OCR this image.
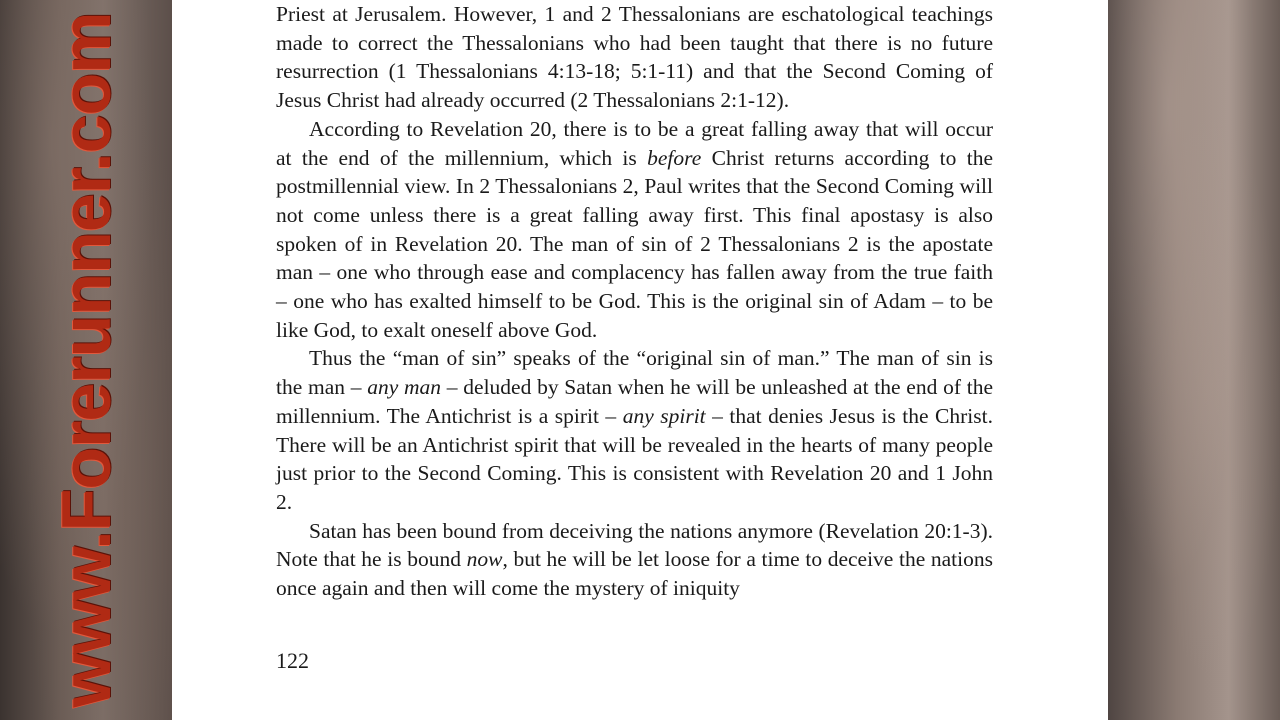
www.Forerunner.com	Priest at Jerusalem. However, 1 and 2 Thessalonians are eschatological teachings made to correct the Thessalonians who had been taught that there is no future resurrection (1 Thessalonians 4:13-18; 5:1-11) and that the Second Coming of Jesus Christ had already occurred (2 Thessalonians 2:1-12).

According to Revelation 20, there is to be a great falling away that will occur at the end of the millennium, which is before Christ returns according to the postmillennial view. In 2 Thessalonians 2, Paul writes that the Second Coming will not come unless there is a great falling away first. This final apostasy is also spoken of in Revelation 20. The man of sin of 2 Thessalonians 2 is the apostate man – one who through ease and complacency has fallen away from the true faith – one who has exalted himself to be God. This is the original sin of Adam – to be like God, to exalt oneself above God.

Thus the “man of sin” speaks of the “original sin of man.” The man of sin is the man – any man – deluded by Satan when he will be unleashed at the end of the millennium. The Antichrist is a spirit – any spirit – that denies Jesus is the Christ. There will be an Antichrist spirit that will be revealed in the hearts of many people just prior to the Second Coming. This is consistent with Revelation 20 and 1 John 2.

Satan has been bound from deceiving the nations anymore (Revelation 20:1-3). Note that he is bound now, but he will be let loose for a time to deceive the nations once again and then will come the mystery of iniquity

122
